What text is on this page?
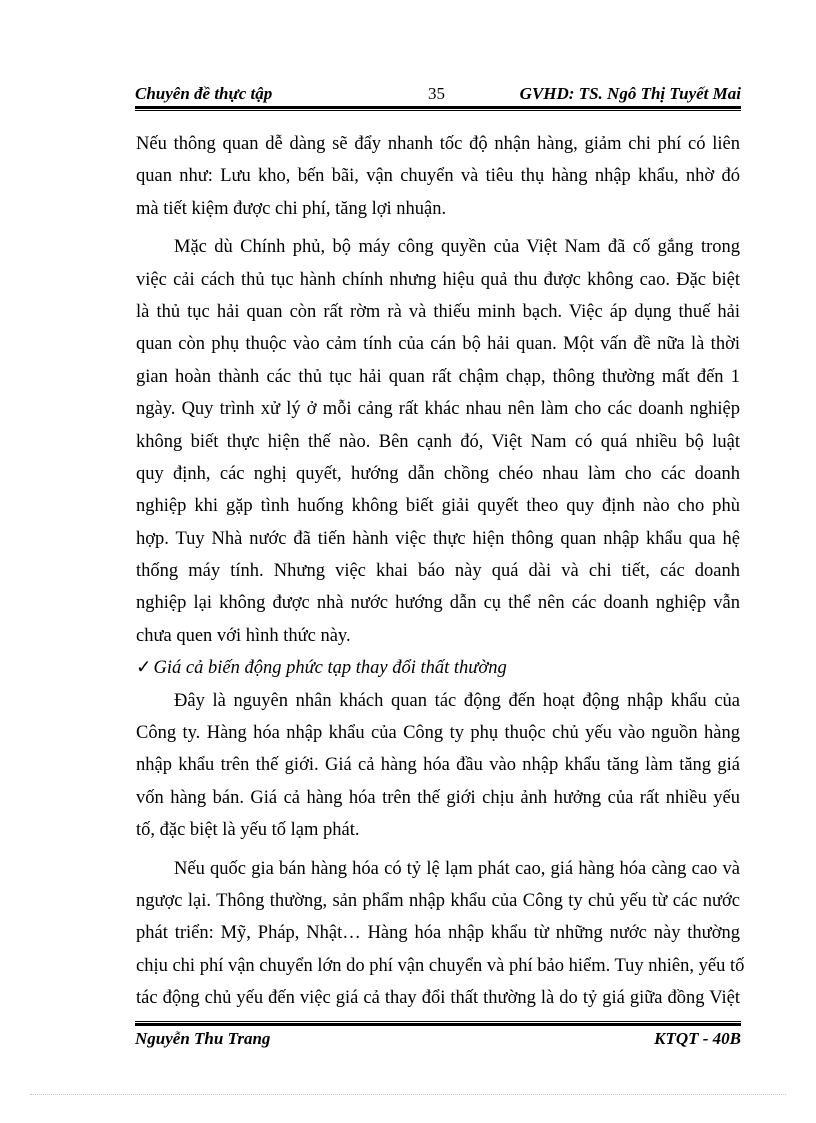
Chuyên đề thực tập	35	GVHD: TS. Ngô Thị Tuyết Mai
Nếu thông quan dễ dàng sẽ đẩy nhanh tốc độ nhận hàng, giảm chi phí có liên
quan như: Lưu kho, bến bãi, vận chuyển và tiêu thụ hàng nhập khẩu, nhờ đó
mà tiết kiệm được chi phí, tăng lợi nhuận.
Mặc dù Chính phủ, bộ máy công quyền của Việt Nam đã cố gắng trong
việc cải cách thủ tục hành chính nhưng hiệu quả thu được không cao. Đặc biệt
là thủ tục hải quan còn rất rờm rà và thiếu minh bạch. Việc áp dụng thuế hải
quan còn phụ thuộc vào cảm tính của cán bộ hải quan. Một vấn đề nữa là thời
gian hoàn thành các thủ tục hải quan rất chậm chạp, thông thường mất đến 1
ngày. Quy trình xử lý ở mỗi cảng rất khác nhau nên làm cho các doanh nghiệp
không biết thực hiện thế nào. Bên cạnh đó, Việt Nam có quá nhiều bộ luật
quy định, các nghị quyết, hướng dẫn chồng chéo nhau làm cho các doanh
nghiệp khi gặp tình huống không biết giải quyết theo quy định nào cho phù
hợp. Tuy Nhà nước đã tiến hành việc thực hiện thông quan nhập khẩu qua hệ
thống máy tính. Nhưng việc khai báo này quá dài và chi tiết, các doanh
nghiệp lại không được nhà nước hướng dẫn cụ thể nên các doanh nghiệp vẫn
chưa quen với hình thức này.
✓ Giá cả biến động phức tạp thay đổi thất thường
Đây là nguyên nhân khách quan tác động đến hoạt động nhập khẩu của
Công ty. Hàng hóa nhập khẩu của Công ty phụ thuộc chủ yếu vào nguồn hàng
nhập khẩu trên thế giới. Giá cả hàng hóa đầu vào nhập khẩu tăng làm tăng giá
vốn hàng bán. Giá cả hàng hóa trên thế giới chịu ảnh hưởng của rất nhiều yếu
tố, đặc biệt là yếu tố lạm phát.
Nếu quốc gia bán hàng hóa có tỷ lệ lạm phát cao, giá hàng hóa càng cao và
ngược lại. Thông thường, sản phẩm nhập khẩu của Công ty chủ yếu từ các nước
phát triển: Mỹ, Pháp, Nhật… Hàng hóa nhập khẩu từ những nước này thường
chịu chi phí vận chuyển lớn do phí vận chuyển và phí bảo hiểm. Tuy nhiên, yếu tố
tác động chủ yếu đến việc giá cả thay đổi thất thường là do tỷ giá giữa đồng Việt
Nguyễn Thu Trang	KTQT - 40B
